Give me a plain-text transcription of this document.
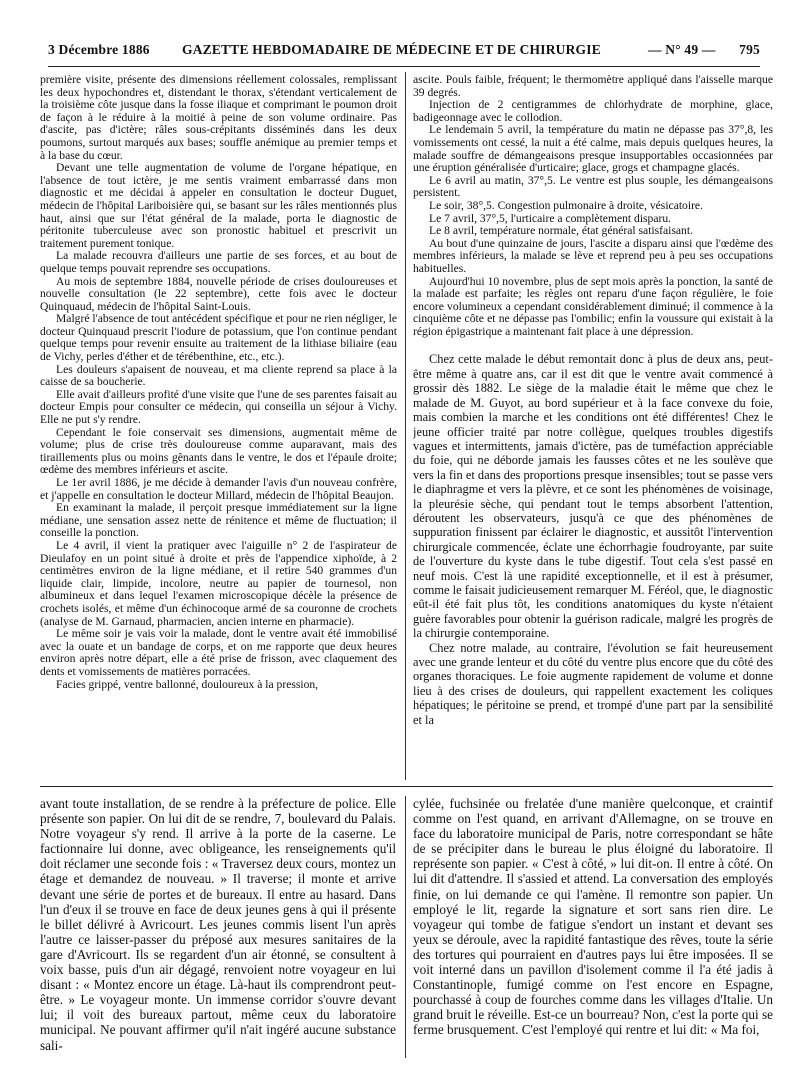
3 Décembre 1886 GAZETTE HEBDOMADAIRE DE MÉDECINE ET DE CHIRURGIE	— N° 49 — 795

première visite, présente des dimensions réellement colossales, remplissant les deux hypochondres et, distendant le thorax, s'étendant verticalement de la troisième côte jusque dans la fosse iliaque et comprimant le poumon droit de façon à le réduire à la moitié à peine de son volume ordinaire. Pas d'ascite, pas d'ictère; râles sous-crépitants disséminés dans les deux poumons, surtout marqués aux bases; souffle anémique au premier temps et à la base du cœur.

Devant une telle augmentation de volume de l'organe hépatique, en l'absence de tout ictère, je me sentis vraiment embarrassé dans mon diagnostic et me décidai à appeler en consultation le docteur Duguet, médecin de l'hôpital Lariboisière qui, se basant sur les râles mentionnés plus haut, ainsi que sur l'état général de la malade, porta le diagnostic de péritonite tuberculeuse avec son pronostic habituel et prescrivit un traitement purement tonique.

La malade recouvra d'ailleurs une partie de ses forces, et au bout de quelque temps pouvait reprendre ses occupations.

Au mois de septembre 1884, nouvelle période de crises douloureuses et nouvelle consultation (le 22 septembre), cette fois avec le docteur Quinquaud, médecin de l'hôpital Saint-Louis.

Malgré l'absence de tout antécédent spécifique et pour ne rien négliger, le docteur Quinquaud prescrit l'iodure de potassium, que l'on continue pendant quelque temps pour revenir ensuite au traitement de la lithiase biliaire (eau de Vichy, perles d'éther et de térébenthine, etc., etc.).

Les douleurs s'apaisent de nouveau, et ma cliente reprend sa place à la caisse de sa boucherie.

Elle avait d'ailleurs profité d'une visite que l'une de ses parentes faisait au docteur Empis pour consulter ce médecin, qui conseilla un séjour à Vichy. Elle ne put s'y rendre.

Cependant le foie conservait ses dimensions, augmentait même de volume; plus de crise très douloureuse comme auparavant, mais des tiraillements plus ou moins gênants dans le ventre, le dos et l'épaule droite; œdème des membres inférieurs et ascite.

Le 1er avril 1886, je me décide à demander l'avis d'un nouveau confrère, et j'appelle en consultation le docteur Millard, médecin de l'hôpital Beaujon.

En examinant la malade, il perçoit presque immédiatement sur la ligne médiane, une sensation assez nette de rénitence et même de fluctuation; il conseille la ponction.

Le 4 avril, il vient la pratiquer avec l'aiguille n° 2 de l'aspirateur de Dieulafoy en un point situé à droite et près de l'appendice xiphoïde, à 2 centimètres environ de la ligne médiane, et il retire 540 grammes d'un liquide clair, limpide, incolore, neutre au papier de tournesol, non albumineux et dans lequel l'examen microscopique décèle la présence de crochets isolés, et même d'un échinocoque armé de sa couronne de crochets (analyse de M. Garnaud, pharmacien, ancien interne en pharmacie).

Le même soir je vais voir la malade, dont le ventre avait été immobilisé avec la ouate et un bandage de corps, et on me rapporte que deux heures environ après notre départ, elle a été prise de frisson, avec claquement des dents et vomissements de matières porracées.

Facies grippé, ventre ballonné, douloureux à la pression,

ascite. Pouls faible, fréquent; le thermomètre appliqué dans l'aisselle marque 39 degrés.

Injection de 2 centigrammes de chlorhydrate de morphine, glace, badigeonnage avec le collodion.

Le lendemain 5 avril, la température du matin ne dépasse pas 37°,8, les vomissements ont cessé, la nuit a été calme, mais depuis quelques heures, la malade souffre de démangeaisons presque insupportables occasionnées par une éruption généralisée d'urticaire; glace, grogs et champagne glacés.

Le 6 avril au matin, 37°,5. Le ventre est plus souple, les démangeaisons persistent.

Le soir, 38°,5. Congestion pulmonaire à droite, vésicatoire.

Le 7 avril, 37°,5, l'urticaire a complètement disparu.

Le 8 avril, température normale, état général satisfaisant.

Au bout d'une quinzaine de jours, l'ascite a disparu ainsi que l'œdème des membres inférieurs, la malade se lève et reprend peu à peu ses occupations habituelles.

Aujourd'hui 10 novembre, plus de sept mois après la ponction, la santé de la malade est parfaite; les règles ont reparu d'une façon régulière, le foie encore volumineux a cependant considérablement diminué; il commence à la cinquième côte et ne dépasse pas l'ombilic; enfin la voussure qui existait à la région épigastrique a maintenant fait place à une dépression.

Chez cette malade le début remontait donc à plus de deux ans, peut-être même à quatre ans, car il est dit que le ventre avait commencé à grossir dès 1882. Le siège de la maladie était le même que chez le malade de M. Guyot, au bord supérieur et à la face convexe du foie, mais combien la marche et les conditions ont été différentes! Chez le jeune officier traité par notre collègue, quelques troubles digestifs vagues et intermittents, jamais d'ictère, pas de tuméfaction appréciable du foie, qui ne déborde jamais les fausses côtes et ne les soulève que vers la fin et dans des proportions presque insensibles; tout se passe vers le diaphragme et vers la plèvre, et ce sont les phénomènes de voisinage, la pleurésie sèche, qui pendant tout le temps absorbent l'attention, déroutent les observateurs, jusqu'à ce que des phénomènes de suppuration finissent par éclairer le diagnostic, et aussitôt l'intervention chirurgicale commencée, éclate une échorrhagie foudroyante, par suite de l'ouverture du kyste dans le tube digestif. Tout cela s'est passé en neuf mois. C'est là une rapidité exceptionnelle, et il est à présumer, comme le faisait judicieusement remarquer M. Féréol, que, le diagnostic eût-il été fait plus tôt, les conditions anatomiques du kyste n'étaient guère favorables pour obtenir la guérison radicale, malgré les progrès de la chirurgie contemporaine.

Chez notre malade, au contraire, l'évolution se fait heureusement avec une grande lenteur et du côté du ventre plus encore que du côté des organes thoraciques. Le foie augmente rapidement de volume et donne lieu à des crises de douleurs, qui rappellent exactement les coliques hépatiques; le péritoine se prend, et trompé d'une part par la sensibilité et la

avant toute installation, de se rendre à la préfecture de police. Elle présente son papier. On lui dit de se rendre, 7, boulevard du Palais. Notre voyageur s'y rend. Il arrive à la porte de la caserne. Le factionnaire lui donne, avec obligeance, les renseignements qu'il doit réclamer une seconde fois : « Traversez deux cours, montez un étage et demandez de nouveau. » Il traverse; il monte et arrive devant une série de portes et de bureaux. Il entre au hasard. Dans l'un d'eux il se trouve en face de deux jeunes gens à qui il présente le billet délivré à Avricourt. Les jeunes commis lisent l'un après l'autre ce laisser-passer du préposé aux mesures sanitaires de la gare d'Avricourt. Ils se regardent d'un air étonné, se consultent à voix basse, puis d'un air dégagé, renvoient notre voyageur en lui disant : « Montez encore un étage. Là-haut ils comprendront peut-être. » Le voyageur monte. Un immense corridor s'ouvre devant lui; il voit des bureaux partout, même ceux du laboratoire municipal. Ne pouvant affirmer qu'il n'ait ingéré aucune substance sali-

cylée, fuchsinée ou frelatée d'une manière quelconque, et craintif comme on l'est quand, en arrivant d'Allemagne, on se trouve en face du laboratoire municipal de Paris, notre correspondant se hâte de se précipiter dans le bureau le plus éloigné du laboratoire. Il représente son papier. « C'est à côté, » lui dit-on. Il entre à côté. On lui dit d'attendre. Il s'assied et attend. La conversation des employés finie, on lui demande ce qui l'amène. Il remontre son papier. Un employé le lit, regarde la signature et sort sans rien dire. Le voyageur qui tombe de fatigue s'endort un instant et devant ses yeux se déroule, avec la rapidité fantastique des rêves, toute la série des tortures qui pourraient en d'autres pays lui être imposées. Il se voit interné dans un pavillon d'isolement comme il l'a été jadis à Constantinople, fumigé comme on l'est encore en Espagne, pourchassé à coup de fourches comme dans les villages d'Italie. Un grand bruit le réveille. Est-ce un bourreau? Non, c'est la porte qui se ferme brusquement. C'est l'employé qui rentre et lui dit: « Ma foi,
